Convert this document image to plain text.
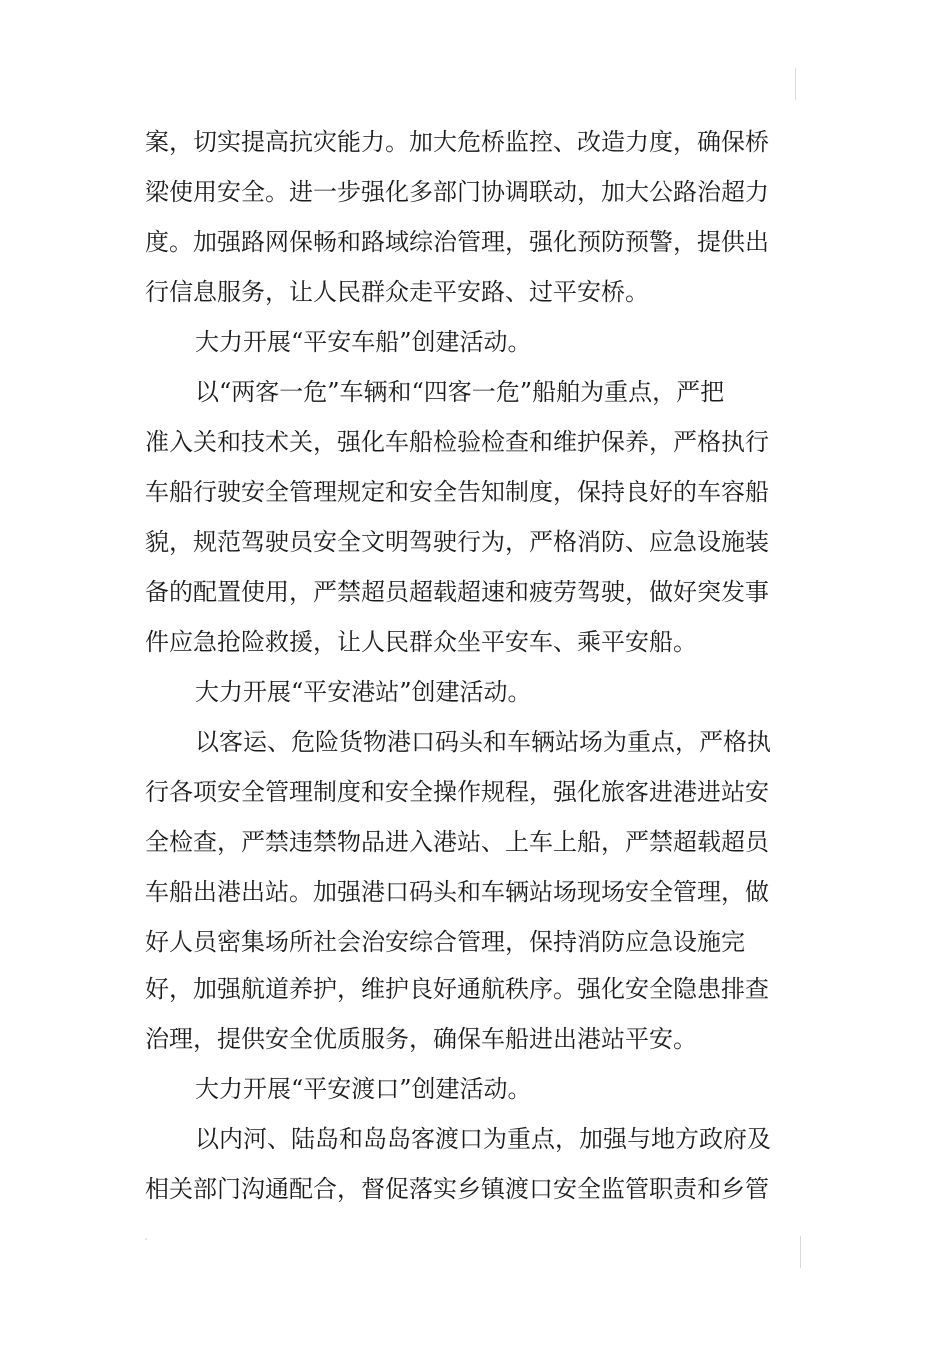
案，切实提高抗灾能力。加大危桥监控、改造力度，确保桥
梁使用安全。进一步强化多部门协调联动，加大公路治超力
度。加强路网保畅和路域综治管理，强化预防预警，提供出
行信息服务，让人民群众走平安路、过平安桥。
大力开展“平安车船”创建活动。
以“两客一危”车辆和“四客一危”船舶为重点，严把
准入关和技术关，强化车船检验检查和维护保养，严格执行
车船行驶安全管理规定和安全告知制度，保持良好的车容船
貌，规范驾驶员安全文明驾驶行为，严格消防、应急设施装
备的配置使用，严禁超员超载超速和疲劳驾驶，做好突发事
件应急抢险救援，让人民群众坐平安车、乘平安船。
大力开展“平安港站”创建活动。
以客运、危险货物港口码头和车辆站场为重点，严格执
行各项安全管理制度和安全操作规程，强化旅客进港进站安
全检查，严禁违禁物品进入港站、上车上船，严禁超载超员
车船出港出站。加强港口码头和车辆站场现场安全管理，做
好人员密集场所社会治安综合管理，保持消防应急设施完
好，加强航道养护，维护良好通航秩序。强化安全隐患排查
治理，提供安全优质服务，确保车船进出港站平安。
大力开展“平安渡口”创建活动。
以内河、陆岛和岛岛客渡口为重点，加强与地方政府及
相关部门沟通配合，督促落实乡镇渡口安全监管职责和乡管
